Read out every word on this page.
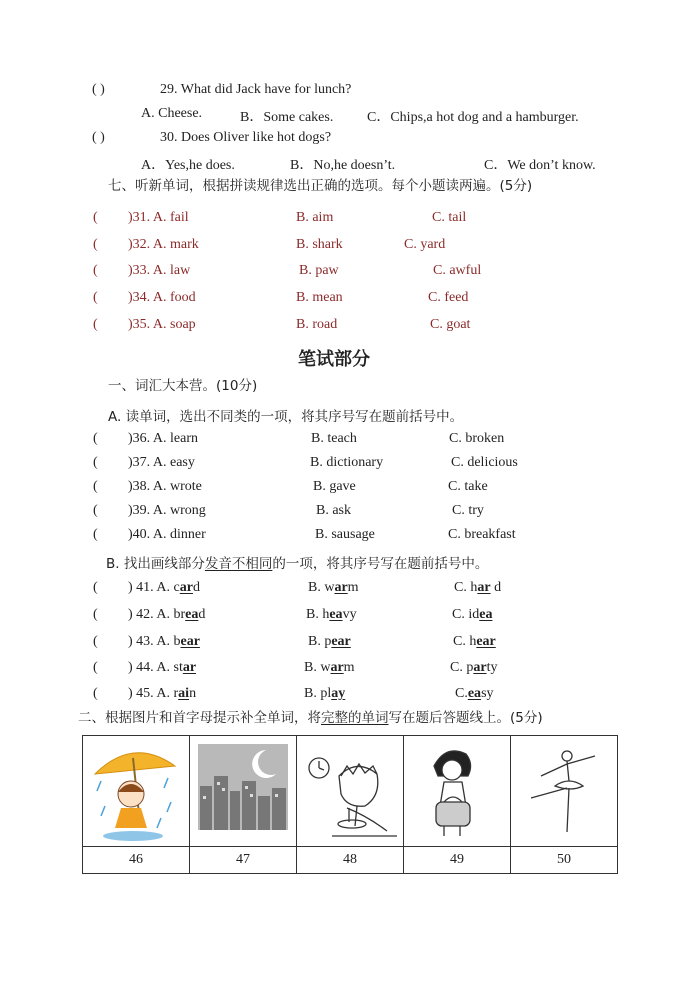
( )	29. What did Jack have for lunch?
A. Cheese.	B．Some cakes. C．Chips,a hot dog and a hamburger.
( )	30. Does Oliver like hot dogs?
A．Yes,he does.	B．No,he doesn’t.	C．We don’t know.
七、听新单词，根据拼读规律选出正确的选项。每个小题读两遍。(5分)
( )31. A. fail	B. aim	C. tail
( )32. A. mark	B. shark	C. yard
( )33. A. law	B. paw	C. awful
( )34. A. food	B. mean	C. feed
( )35. A. soap	B. road	C. goat
笔试部分
一、词汇大本营。(10分)
A. 读单词，选出不同类的一项，将其序号写在题前括号中。
( )36. A. learn	B. teach	C. broken
( )37. A. easy	B. dictionary	C. delicious
( )38. A. wrote	B. gave	C. take
( )39. A. wrong	B. ask	C. try
( )40. A. dinner	B. sausage	C. breakfast
B. 找出画线部分发音不相同的一项，将其序号写在题前括号中。
( ) 41. A. card	B. warm	C. har d
( ) 42. A. bread	B. heavy	C. idea
( ) 43. A. bear	B. pear	C. hear
( ) 44. A. star	B. warm	C. party
( ) 45. A. rain	B. play	C.easy
二、根据图片和首字母提示补全单词，将完整的单词写在题后答题线上。(5分)

46	47	48	49	50
